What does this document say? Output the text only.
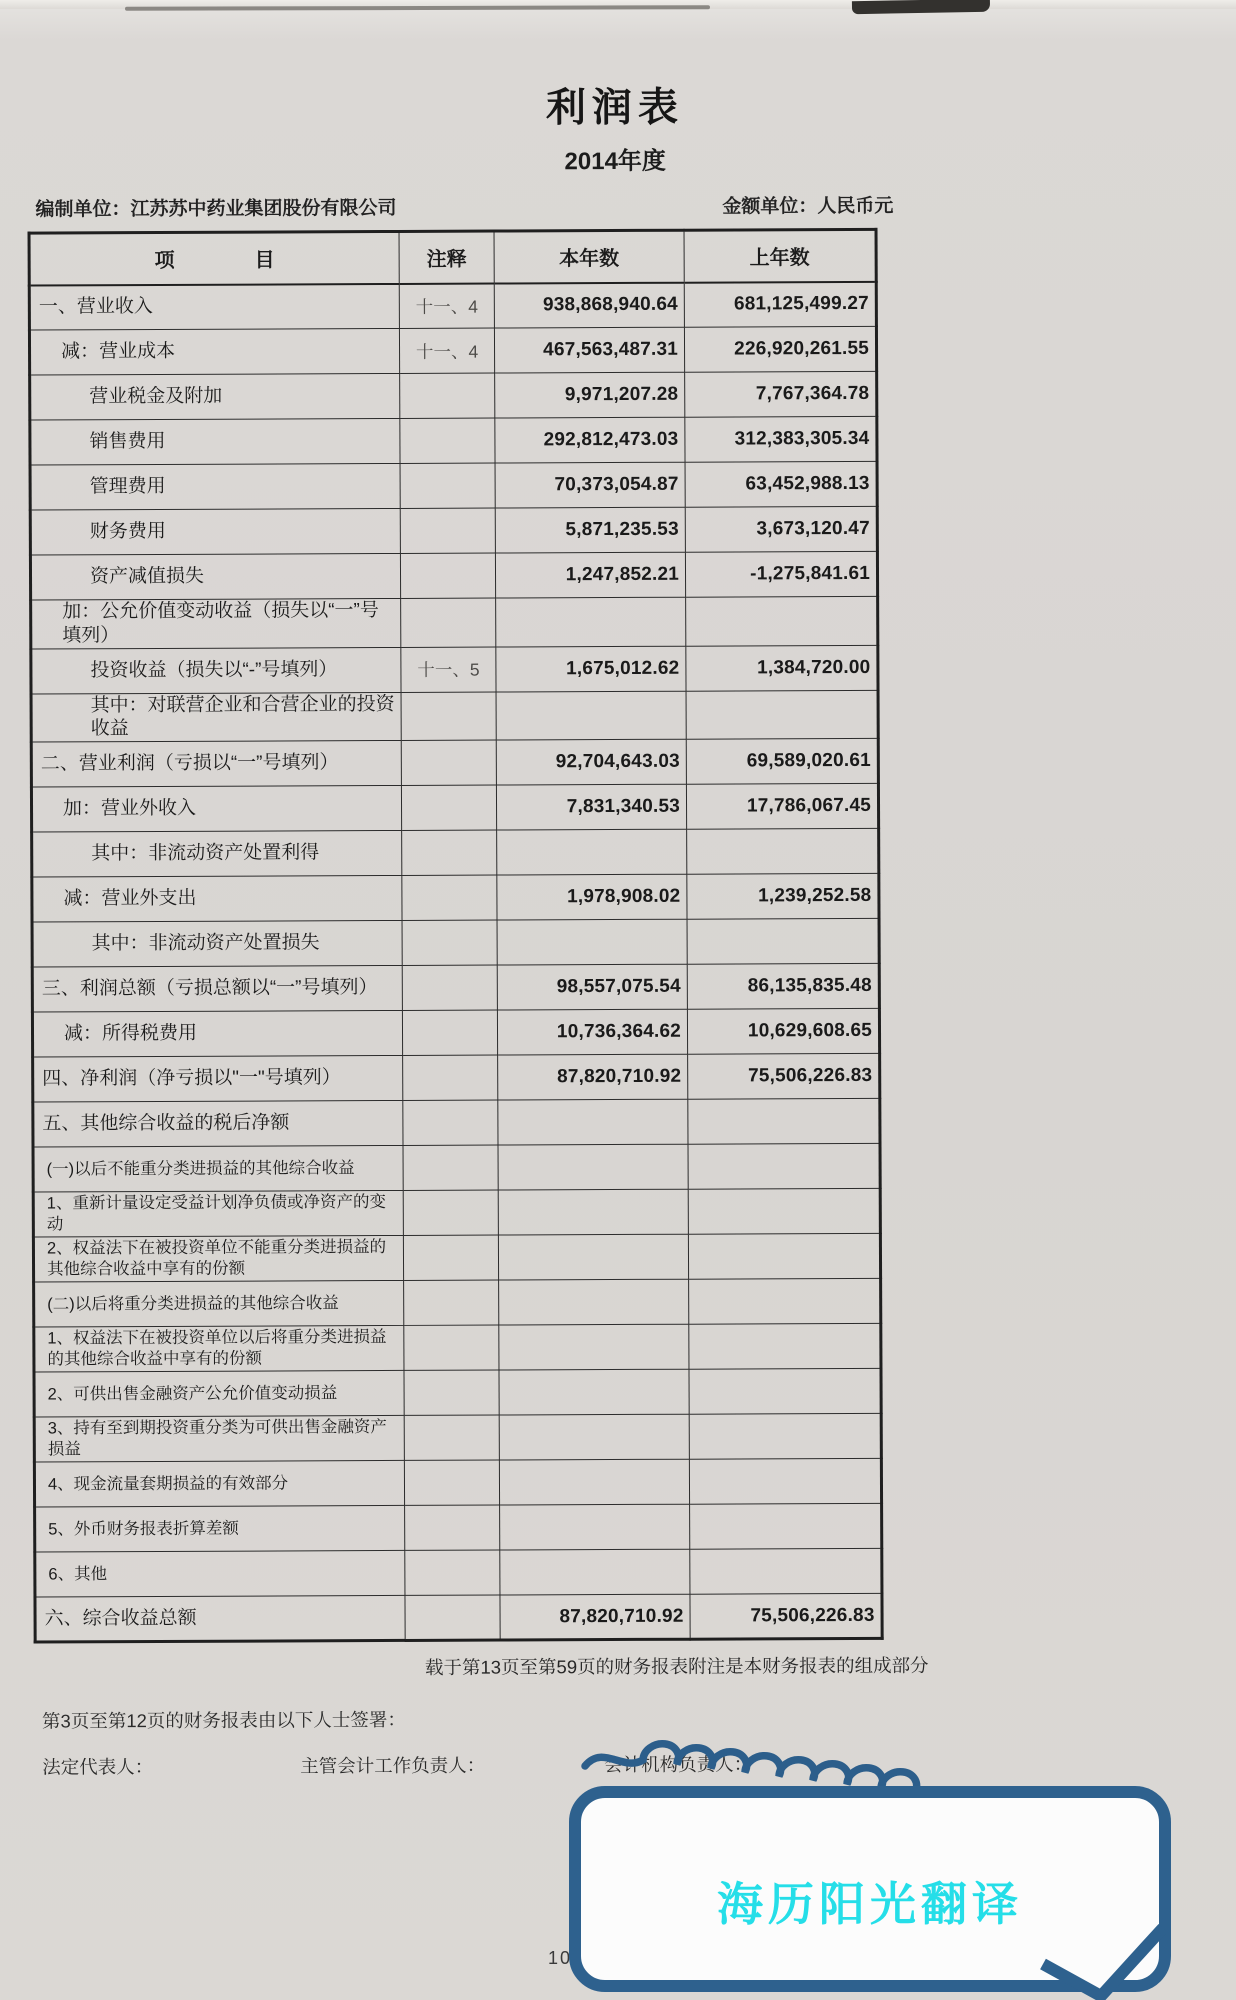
利润表
2014年度
编制单位：江苏苏中药业集团股份有限公司	金额单位：人民币元
项　　　　目	注释	本年数	上年数
一、营业收入	十一、4	938,868,940.64	681,125,499.27
减：营业成本	十一、4	467,563,487.31	226,920,261.55
营业税金及附加		9,971,207.28	7,767,364.78
销售费用		292,812,473.03	312,383,305.34
管理费用		70,373,054.87	63,452,988.13
财务费用		5,871,235.53	3,673,120.47
资产减值损失		1,247,852.21	-1,275,841.61
加：公允价值变动收益（损失以“一”号填列）			
投资收益（损失以“-”号填列）	十一、5	1,675,012.62	1,384,720.00
其中：对联营企业和合营企业的投资收益			
二、营业利润（亏损以“一”号填列）		92,704,643.03	69,589,020.61
加：营业外收入		7,831,340.53	17,786,067.45
其中：非流动资产处置利得			
减：营业外支出		1,978,908.02	1,239,252.58
其中：非流动资产处置损失			
三、利润总额（亏损总额以“一”号填列）		98,557,075.54	86,135,835.48
减：所得税费用		10,736,364.62	10,629,608.65
四、净利润（净亏损以"一"号填列）		87,820,710.92	75,506,226.83
五、其他综合收益的税后净额			
(一)以后不能重分类进损益的其他综合收益			
1、重新计量设定受益计划净负债或净资产的变动			
2、权益法下在被投资单位不能重分类进损益的其他综合收益中享有的份额			
(二)以后将重分类进损益的其他综合收益			
1、权益法下在被投资单位以后将重分类进损益的其他综合收益中享有的份额			
2、可供出售金融资产公允价值变动损益			
3、持有至到期投资重分类为可供出售金融资产损益			
4、现金流量套期损益的有效部分			
5、外币财务报表折算差额			
6、其他			
六、综合收益总额		87,820,710.92	75,506,226.83
载于第13页至第59页的财务报表附注是本财务报表的组成部分
第3页至第12页的财务报表由以下人士签署：
法定代表人：	主管会计工作负责人：	会计机构负责人：
10
海历阳光翻译
